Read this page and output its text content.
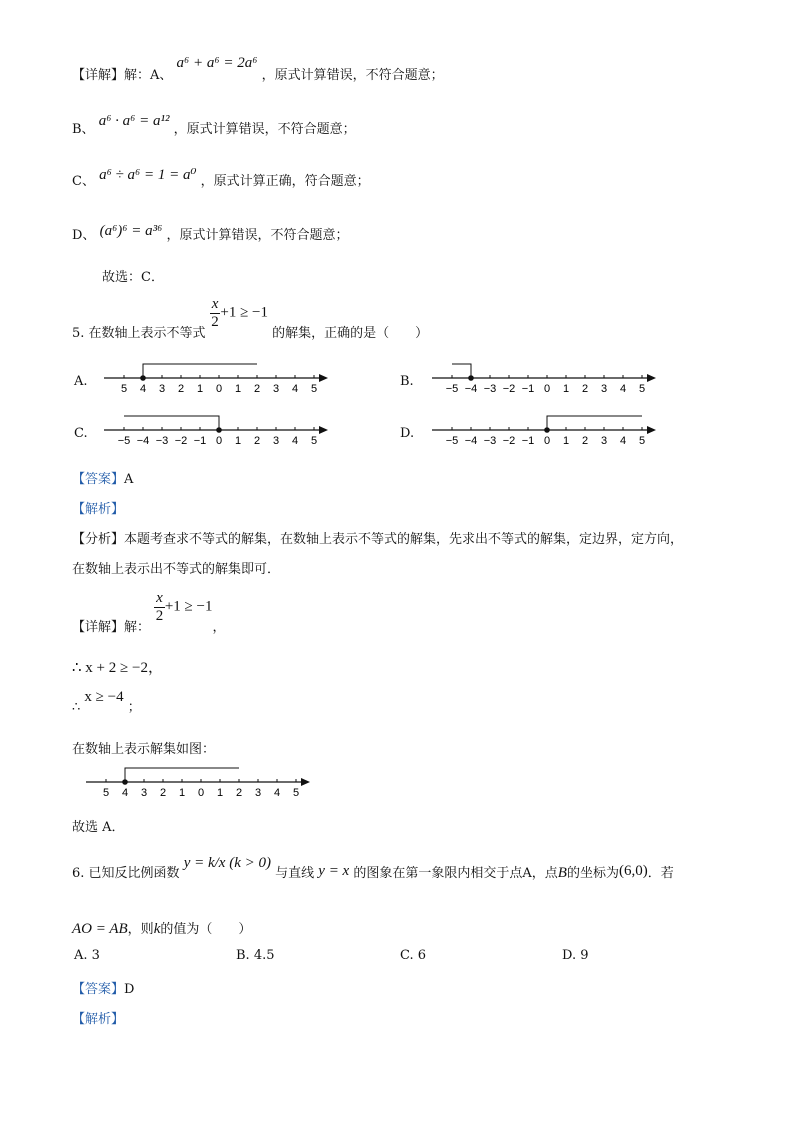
【详解】解：A、 a⁶ + a⁶ = 2a⁶ ，原式计算错误，不符合题意；
B、 a⁶ · a⁶ = a¹² ，原式计算错误，不符合题意；
C、 a⁶ ÷ a⁶ = 1 = a⁰ ，原式计算正确，符合题意；
D、 (a⁶)⁶ = a³⁶ ，原式计算错误，不符合题意；
故选：C．
5. 在数轴上表示不等式
$\frac{x}{2} +1 \ge -1$ 的解集，正确的是（　　）
A.	B.
C.	D.
5 4 3 2 1 0 1 2 3 4 5	−5 −4 −3 −2 −1 0 1 2 3 4 5
−5 −4 −3 −2 −1 0 1 2 3 4 5	−5 −4 −3 −2 −1 0 1 2 3 4 5
【答案】A
【解析】
【分析】本题考查求不等式的解集，在数轴上表示不等式的解集，先求出不等式的解集，定边界，定方向，
在数轴上表示出不等式的解集即可．
【详解】解：
$\frac{x}{2} +1 \ge -1$，
∴ x + 2 ≥ −2，
∴ x ≥ −4 ；
在数轴上表示解集如图：
5 4 3 2 1 0 1 2 3 4 5
故选 A．
6. 已知反比例函数 y = k/x (k > 0) 与直线 y = x 的图象在第一象限内相交于点A，点B的坐标为(6,0)．若
AO = AB，则k的值为（　　）
A. 3	B. 4.5	C. 6	D. 9
【答案】D
【解析】
